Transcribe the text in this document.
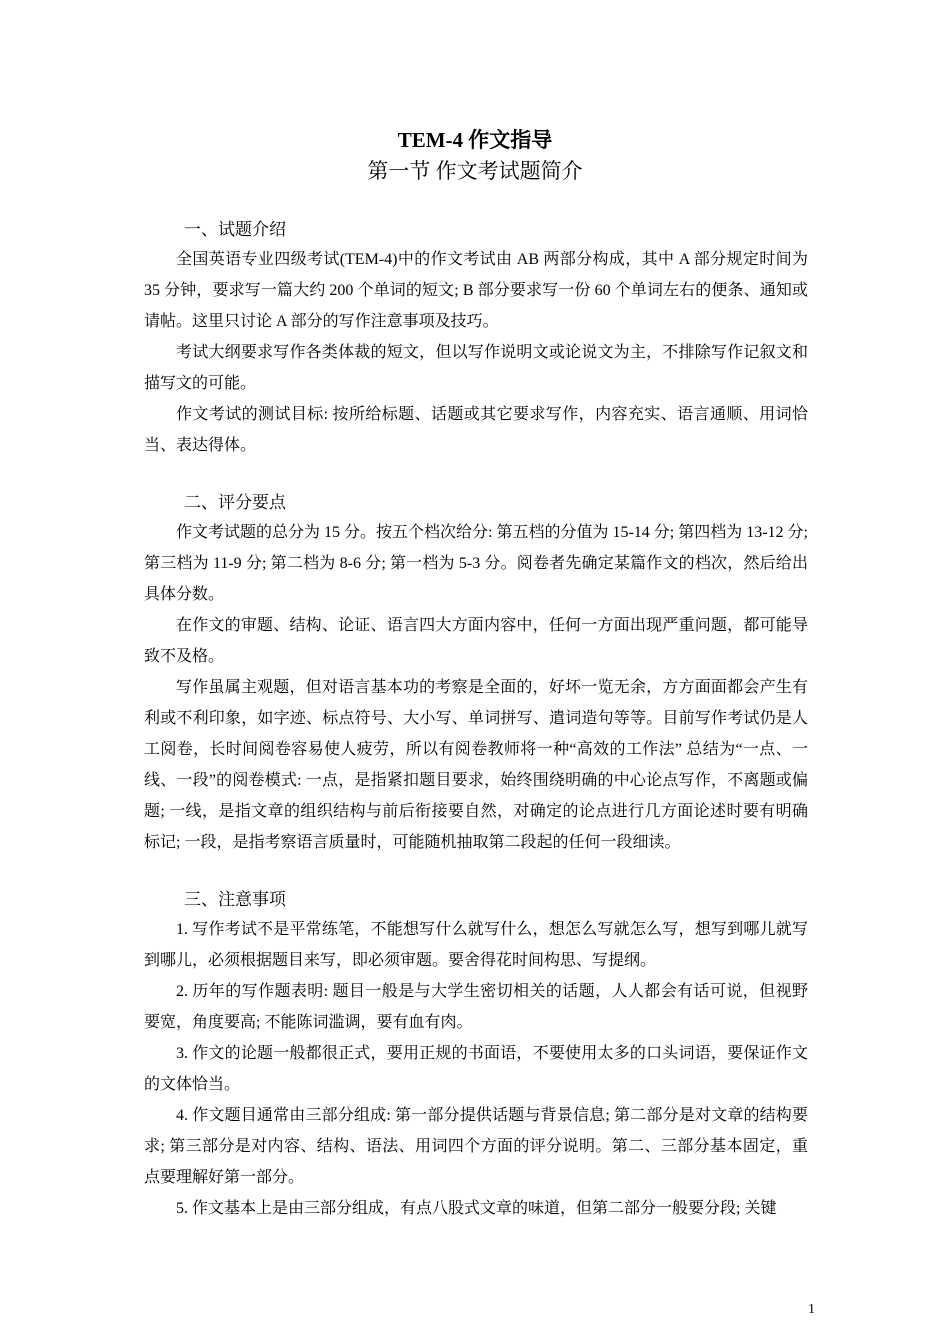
TEM-4 作文指导
第一节 作文考试题简介

一、试题介绍

全国英语专业四级考试(TEM-4)中的作文考试由 AB 两部分构成，其中 A 部分规定时间为 35 分钟，要求写一篇大约 200 个单词的短文; B 部分要求写一份 60 个单词左右的便条、通知或请帖。这里只讨论 A 部分的写作注意事项及技巧。

考试大纲要求写作各类体裁的短文，但以写作说明文或论说文为主，不排除写作记叙文和描写文的可能。

作文考试的测试目标: 按所给标题、话题或其它要求写作，内容充实、语言通顺、用词恰当、表达得体。

二、评分要点

作文考试题的总分为 15 分。按五个档次给分: 第五档的分值为 15-14 分; 第四档为 13-12 分; 第三档为 11-9 分; 第二档为 8-6 分; 第一档为 5-3 分。阅卷者先确定某篇作文的档次，然后给出具体分数。

在作文的审题、结构、论证、语言四大方面内容中，任何一方面出现严重问题，都可能导致不及格。

写作虽属主观题，但对语言基本功的考察是全面的，好坏一览无余，方方面面都会产生有利或不利印象，如字迹、标点符号、大小写、单词拼写、遣词造句等等。目前写作考试仍是人工阅卷，长时间阅卷容易使人疲劳，所以有阅卷教师将一种“高效的工作法” 总结为“一点、一线、一段”的阅卷模式: 一点，是指紧扣题目要求，始终围绕明确的中心论点写作，不离题或偏题; 一线，是指文章的组织结构与前后衔接要自然，对确定的论点进行几方面论述时要有明确标记; 一段，是指考察语言质量时，可能随机抽取第二段起的任何一段细读。

三、注意事项

1. 写作考试不是平常练笔，不能想写什么就写什么，想怎么写就怎么写，想写到哪儿就写到哪儿，必须根据题目来写，即必须审题。要舍得花时间构思、写提纲。

2. 历年的写作题表明: 题目一般是与大学生密切相关的话题，人人都会有话可说，但视野要宽，角度要高; 不能陈词滥调，要有血有肉。

3. 作文的论题一般都很正式，要用正规的书面语，不要使用太多的口头词语，要保证作文的文体恰当。

4. 作文题目通常由三部分组成: 第一部分提供话题与背景信息; 第二部分是对文章的结构要求; 第三部分是对内容、结构、语法、用词四个方面的评分说明。第二、三部分基本固定，重点要理解好第一部分。

5. 作文基本上是由三部分组成，有点八股式文章的味道，但第二部分一般要分段; 关键

1
